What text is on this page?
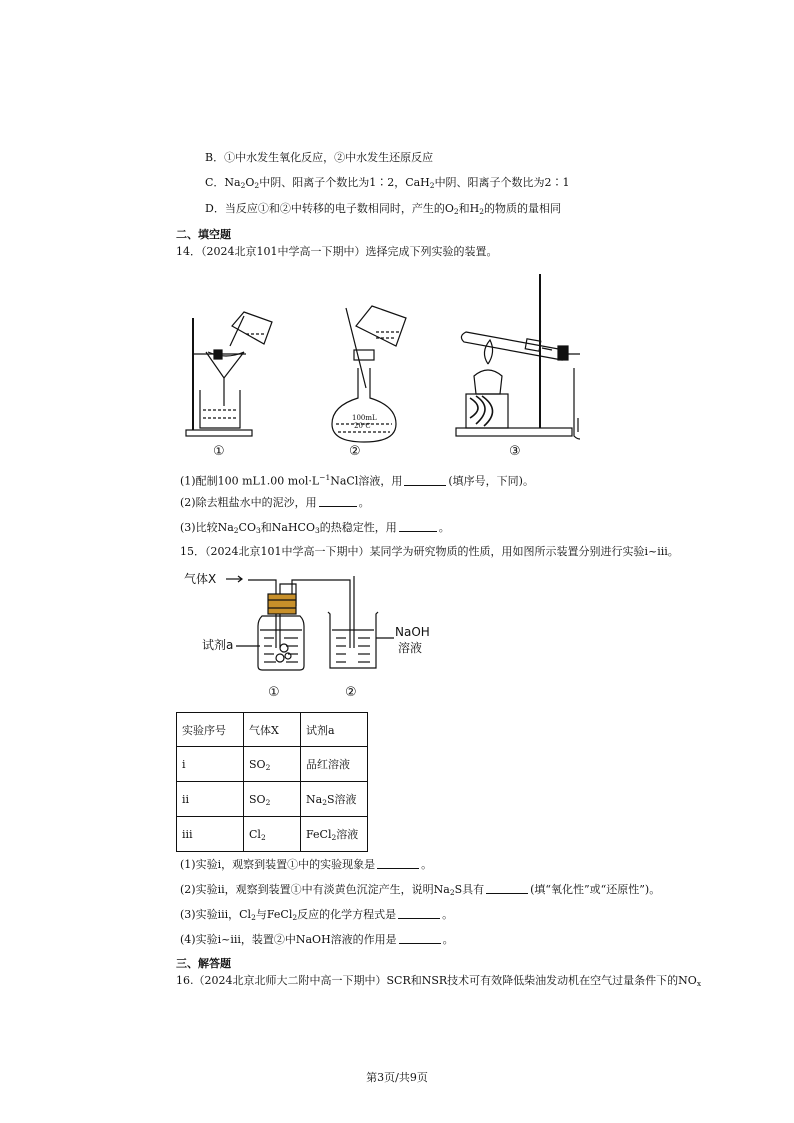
B．①中水发生氧化反应，②中水发生还原反应
C．$Na_2O_2$中阴、阳离子个数比为1∶2，CaH$_2$中阴、阳离子个数比为2∶1
D．当反应①和②中转移的电子数相同时，产生的$O_2$和$H_2$的物质的量相同
二、填空题
14．（2024北京101中学高一下期中）选择完成下列实验的装置。
100mL
20℃
①	②	③
(1)配制100 mL1.00 $mol\cdot L^{-1}NaCl$溶液，用	(填序号，下同)。
(2)除去粗盐水中的泥沙，用	。
(3)比较$Na_2CO_3$和NaHCO$_3$的热稳定性，用	。
15．（2024北京101中学高一下期中）某同学为研究物质的性质，用如图所示装置分别进行实验ⅰ~ⅲ。
气体X
试剂a
NaOH
溶液
①	②
实验序号	气体X	试剂a
ⅰ	$SO_2$	品红溶液
ⅱ	$SO_2$	$Na_2S$溶液
ⅲ	$Cl_2$	FeCl$_2$溶液
(1)实验ⅰ，观察到装置①中的实验现象是	。
(2)实验ⅱ，观察到装置①中有淡黄色沉淀产生，说明$Na_2S$具有	(填“氧化性”或“还原性”)。
(3)实验ⅲ，$Cl_2$与FeCl$_2$反应的化学方程式是	。
(4)实验ⅰ~ⅲ，装置②中NaOH溶液的作用是	。
三、解答题
16.（2024北京北师大二附中高一下期中）SCR和NSR技术可有效降低柴油发动机在空气过量条件下的$NO_x$
第3页/共9页
